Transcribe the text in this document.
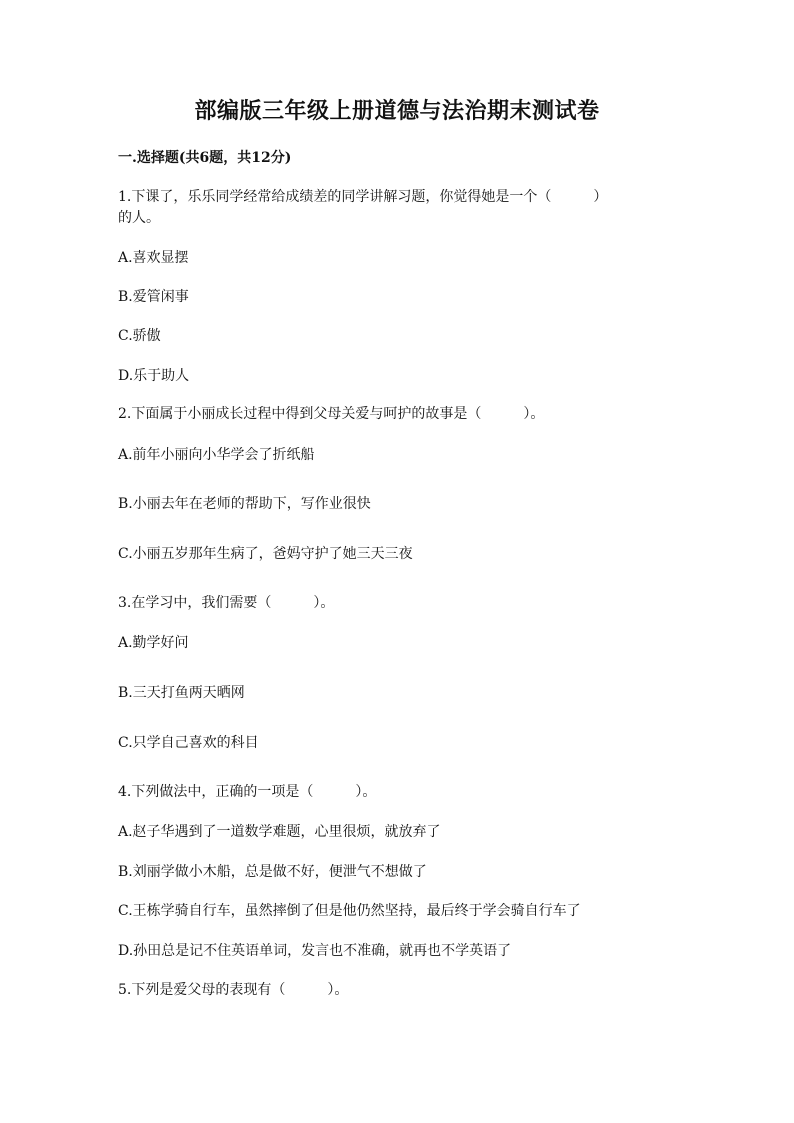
部编版三年级上册道德与法治期末测试卷
一.选择题(共6题，共12分)
1.下课了，乐乐同学经常给成绩差的同学讲解习题，你觉得她是一个（　　　）
的人。
A.喜欢显摆
B.爱管闲事
C.骄傲
D.乐于助人
2.下面属于小丽成长过程中得到父母关爱与呵护的故事是（　　　）。
A.前年小丽向小华学会了折纸船
B.小丽去年在老师的帮助下，写作业很快
C.小丽五岁那年生病了，爸妈守护了她三天三夜
3.在学习中，我们需要（　　　）。
A.勤学好问
B.三天打鱼两天晒网
C.只学自己喜欢的科目
4.下列做法中，正确的一项是（　　　）。
A.赵子华遇到了一道数学难题，心里很烦，就放弃了
B.刘丽学做小木船，总是做不好，便泄气不想做了
C.王栋学骑自行车，虽然摔倒了但是他仍然坚持，最后终于学会骑自行车了
D.孙田总是记不住英语单词，发言也不准确，就再也不学英语了
5.下列是爱父母的表现有（　　　）。
